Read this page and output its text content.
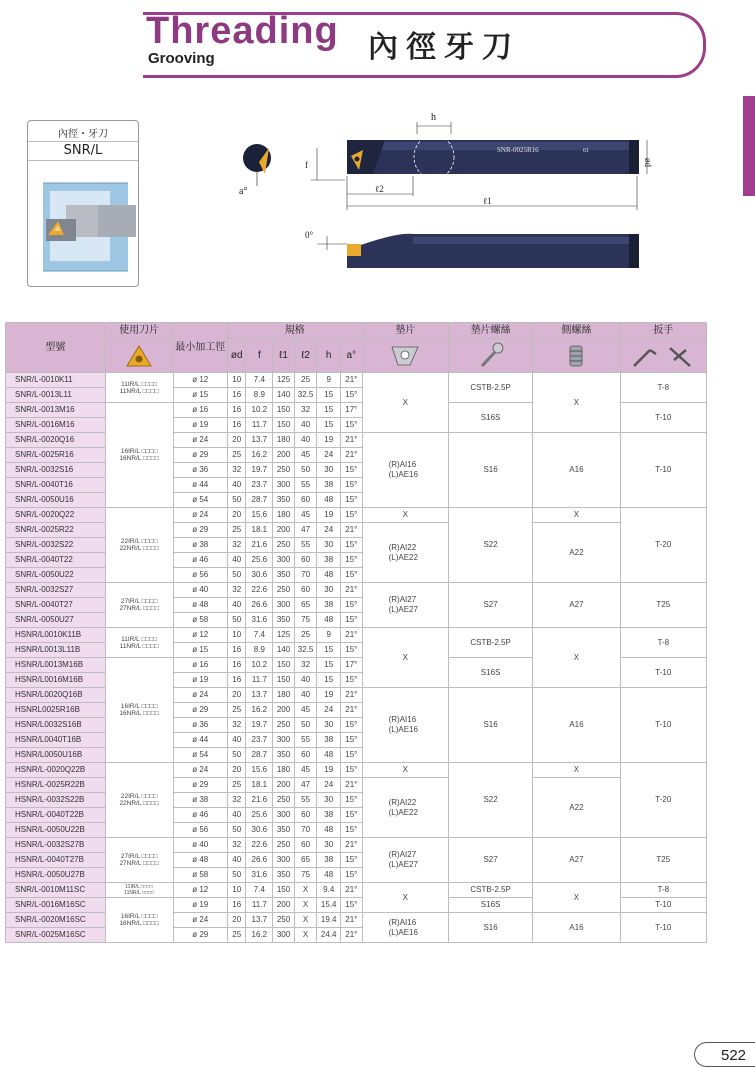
Threading
Grooving	內徑牙刀
內徑・牙刀
SNR/L
a°
SNR-0025R16	61
h
f
ℓ2
ℓ1
ød
0°
型號	使用刀片	最小加工徑	規格						墊片	墊片螺絲	側螺絲	扳手

	ød	f	ℓ1	ℓ2	h	a°	

SNR/L-0010K11	11IR/L □□□□
11NR/L □□□□	ø 12	10	7.4	125	25	9	21°	X	CSTB-2.5P	X	T-8
SNR/L-0013L11		ø 15	16	8.9	140	32.5	15	15°				
SNR/L-0013M16	16IR/L □□□□
16NR/L □□□□	ø 16	16	10.2	150	32	15	17°		S16S		T-10
SNR/L-0016M16		ø 19	16	11.7	150	40	15	15°				
SNR/L-0020Q16		ø 24	20	13.7	180	40	19	21°	(R)AI16
(L)AE16	S16	A16	T-10
SNR/L-0025R16		ø 29	25	16.2	200	45	24	21°				
SNR/L-0032S16		ø 36	32	19.7	250	50	30	15°				
SNR/L-0040T16		ø 44	40	23.7	300	55	38	15°				
SNR/L-0050U16		ø 54	50	28.7	350	60	48	15°				
SNR/L-0020Q22	22IR/L □□□□
22NR/L □□□□	ø 24	20	15.6	180	45	19	15°	X	S22	X	T-20
SNR/L-0025R22		ø 29	25	18.1	200	47	24	21°	(R)AI22
(L)AE22		A22	
SNR/L-0032S22		ø 38	32	21.6	250	55	30	15°				
SNR/L-0040T22		ø 46	40	25.6	300	60	38	15°				
SNR/L-0050U22		ø 56	50	30.6	350	70	48	15°				
SNR/L-0032S27	27IR/L □□□□
27NR/L □□□□	ø 40	32	22.6	250	60	30	21°	(R)AI27
(L)AE27	S27	A27	T25
SNR/L-0040T27		ø 48	40	26.6	300	65	38	15°				
SNR/L-0050U27		ø 58	50	31.6	350	75	48	15°				
HSNR/L0010K11B	11IR/L □□□□
11NR/L □□□□	ø 12	10	7.4	125	25	9	21°	X	CSTB-2.5P	X	T-8
HSNR/L0013L11B		ø 15	16	8.9	140	32.5	15	15°				
HSNR/L0013M16B	16IR/L □□□□
16NR/L □□□□	ø 16	16	10.2	150	32	15	17°		S16S		T-10
HSNR/L0016M16B		ø 19	16	11.7	150	40	15	15°				
HSNR/L0020Q16B		ø 24	20	13.7	180	40	19	21°	(R)AI16
(L)AE16	S16	A16	T-10
HSNRL0025R16B		ø 29	25	16.2	200	45	24	21°				
HSNR/L0032S16B		ø 36	32	19.7	250	50	30	15°				
HSNR/L0040T16B		ø 44	40	23.7	300	55	38	15°				
HSNR/L0050U16B		ø 54	50	28.7	350	60	48	15°				
HSNR/L-0020Q22B	22IR/L □□□□
22NR/L □□□□	ø 24	20	15.6	180	45	19	15°	X	S22	X	T-20
HSNR/L-0025R22B		ø 29	25	18.1	200	47	24	21°	(R)AI22
(L)AE22		A22	
HSNR/L-0032S22B		ø 38	32	21.6	250	55	30	15°				
HSNR/L-0040T22B		ø 46	40	25.6	300	60	38	15°				
HSNR/L-0050U22B		ø 56	50	30.6	350	70	48	15°				
HSNR/L-0032S27B	27IR/L □□□□
27NR/L □□□□	ø 40	32	22.6	250	60	30	21°	(R)AI27
(L)AE27	S27	A27	T25
HSNR/L-0040T27B		ø 48	40	26.6	300	65	38	15°				
HSNR/L-0050U27B		ø 58	50	31.6	350	75	48	15°				
SNR/L-0010M11SC	11IR/L □□□□
11NR/L □□□□	ø 12	10	7.4	150	X	9.4	21°	X	CSTB-2.5P	X	T-8
SNR/L-0016M16SC	16IR/L □□□□
16NR/L □□□□	ø 19	16	11.7	200	X	15.4	15°		S16S		T-10
SNR/L-0020M16SC		ø 24	20	13.7	250	X	19.4	21°	(R)AI16
(L)AE16	S16	A16	T-10
SNR/L-0025M16SC		ø 29	25	16.2	300	X	24.4	21°				
522
